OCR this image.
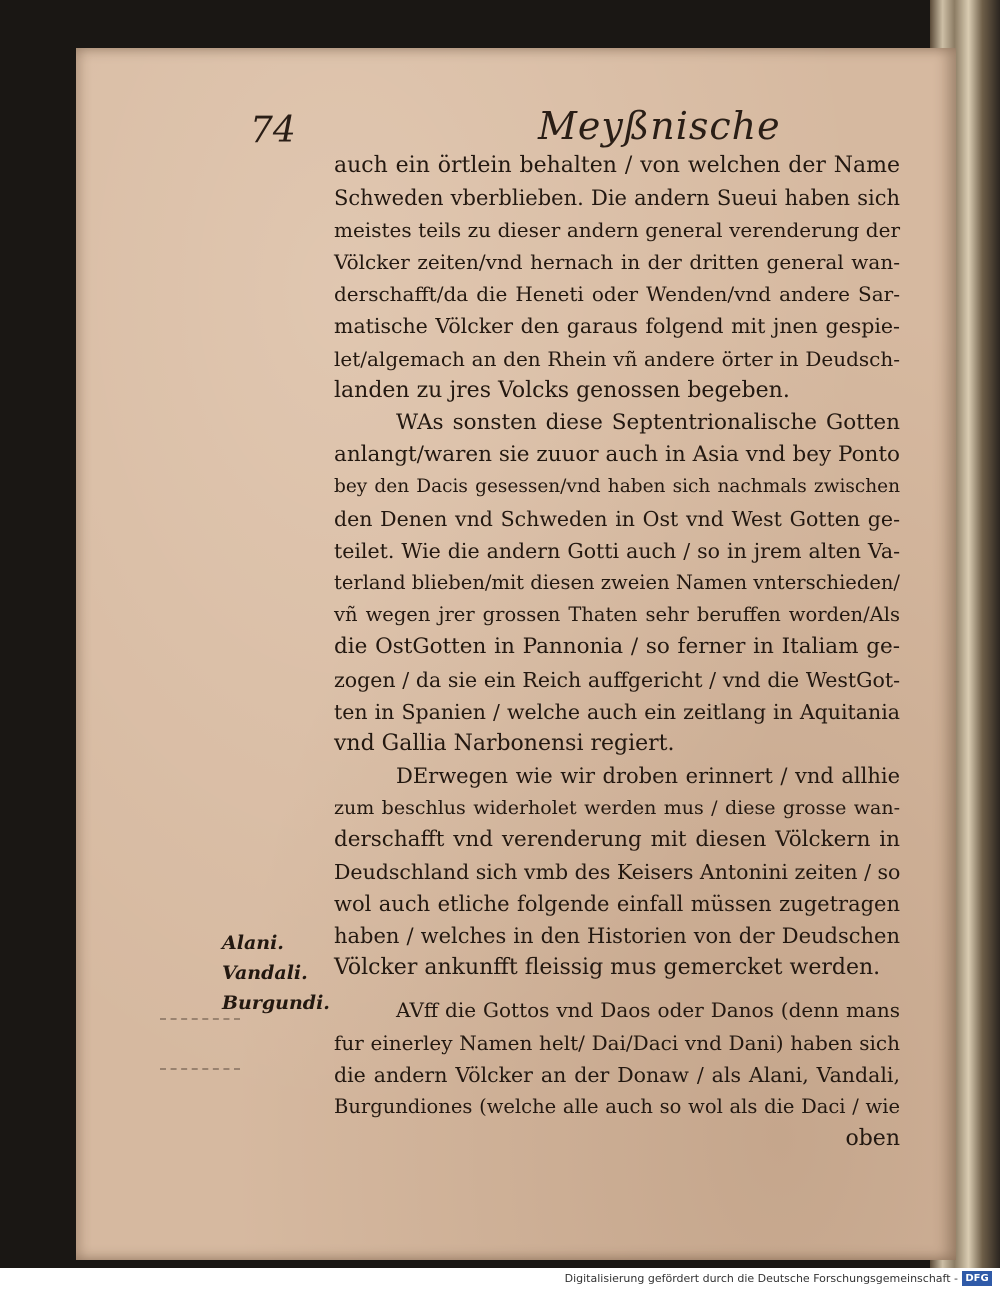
74	Meyßnische
auch ein örtlein behalten / von welchen der Name
Schweden vberblieben. Die andern Sueui haben sich
meistes teils zu dieser andern general verenderung der
Völcker zeiten/vnd hernach in der dritten general wan-
derschafft/da die Heneti oder Wenden/vnd andere Sar-
matische Völcker den garaus folgend mit jnen gespie-
let/algemach an den Rhein vñ andere örter in Deudsch-
landen zu jres Volcks genossen begeben.
WAs sonsten diese Septentrionalische Gotten
anlangt/waren sie zuuor auch in Asia vnd bey Ponto
bey den Dacis gesessen/vnd haben sich nachmals zwischen
den Denen vnd Schweden in Ost vnd West Gotten ge-
teilet. Wie die andern Gotti auch / so in jrem alten Va-
terland blieben/mit diesen zweien Namen vnterschieden/
vñ wegen jrer grossen Thaten sehr beruffen worden/Als
die OstGotten in Pannonia / so ferner in Italiam ge-
zogen / da sie ein Reich auffgericht / vnd die WestGot-
ten in Spanien / welche auch ein zeitlang in Aquitania
vnd Gallia Narbonensi regiert.
DErwegen wie wir droben erinnert / vnd allhie
zum beschlus widerholet werden mus / diese grosse wan-
derschafft vnd verenderung mit diesen Völckern in
Deudschland sich vmb des Keisers Antonini zeiten / so
wol auch etliche folgende einfall müssen zugetragen
haben / welches in den Historien von der Deudschen
Völcker ankunfft fleissig mus gemercket werden.
AVff die Gottos vnd Daos oder Danos (denn mans
fur einerley Namen helt/ Dai/Daci vnd Dani) haben sich
die andern Völcker an der Donaw / als Alani, Vandali,
Burgundiones (welche alle auch so wol als die Daci / wie
oben
Alani.
Vandali.
Burgundi.
Digitalisierung gefördert durch die Deutsche Forschungsgemeinschaft - DFG
